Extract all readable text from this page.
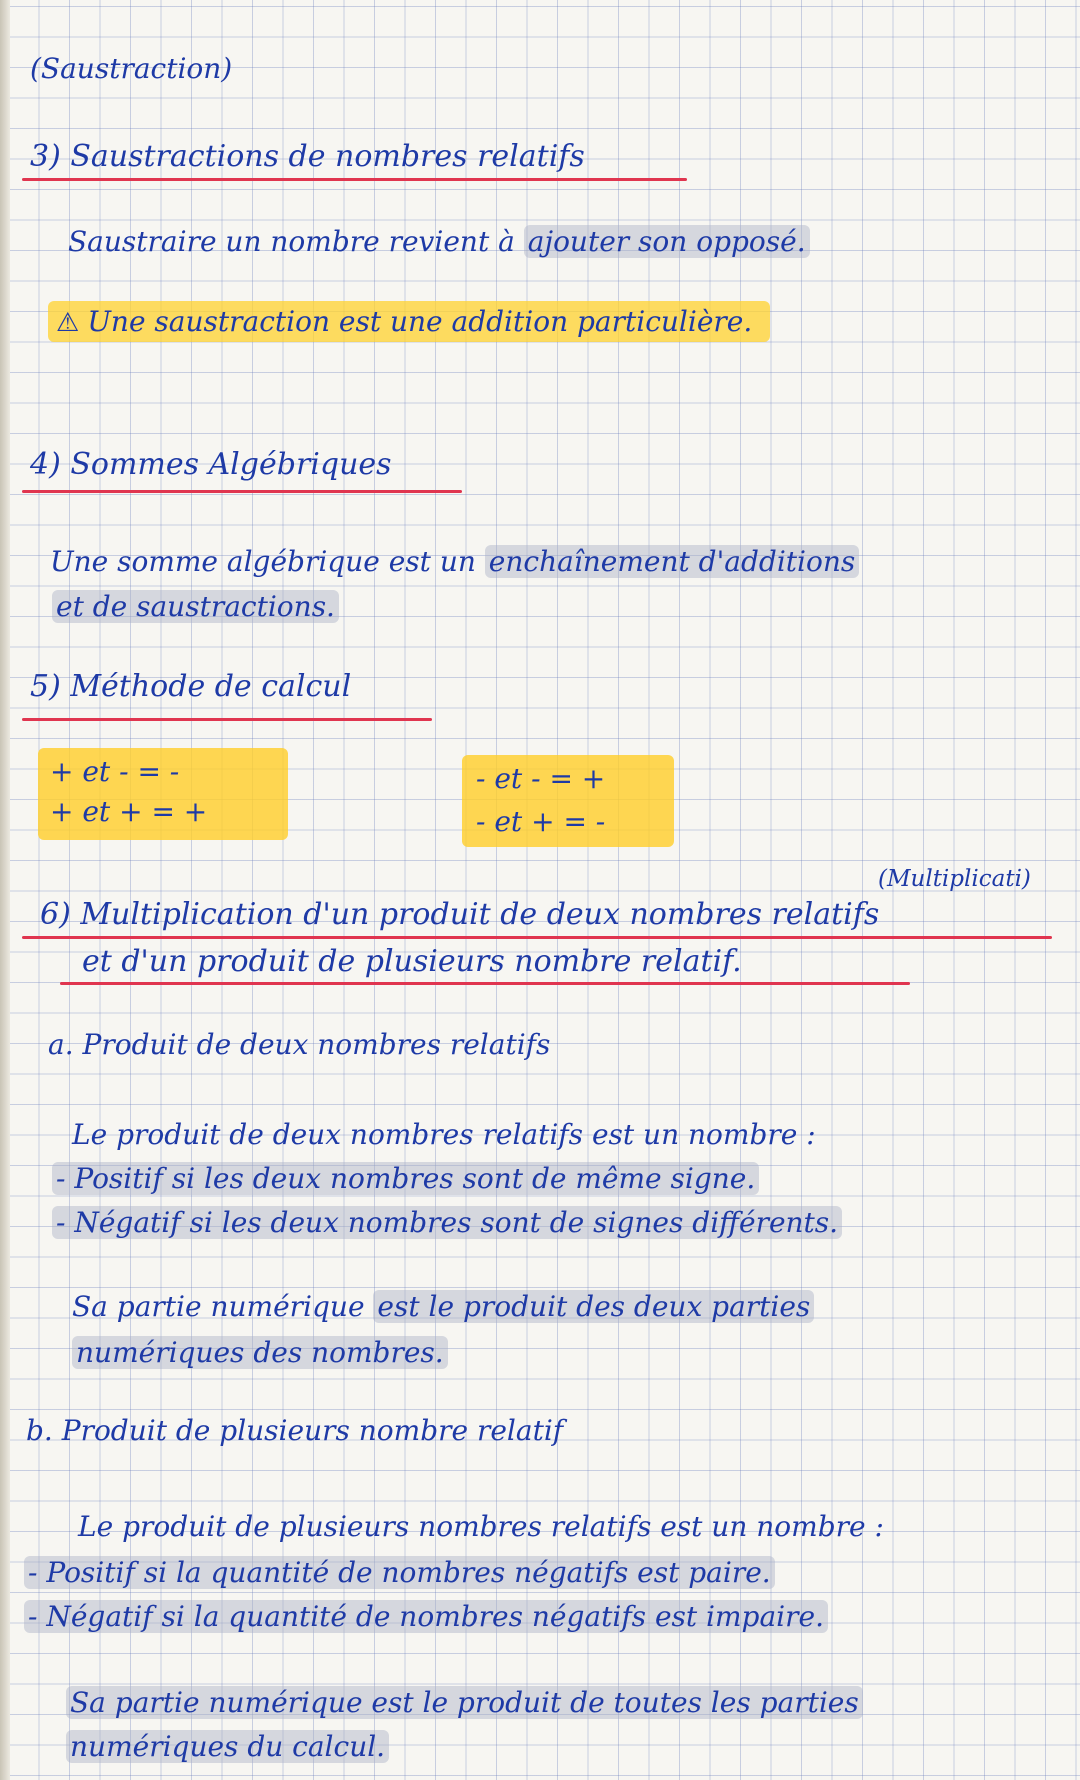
(Saustraction)
3) Saustractions de nombres relatifs
Saustraire un nombre revient à ajouter son opposé.
⚠ Une saustraction est une addition particulière.
4) Sommes Algébriques
Une somme algébrique est un enchaînement d'additions
et de saustractions.
5) Méthode de calcul
+ et - = -
+ et + = +
- et - = +
- et + = -
(Multiplicati)
6) Multiplication d'un produit de deux nombres relatifs
et d'un produit de plusieurs nombre relatif.
a. Produit de deux nombres relatifs
Le produit de deux nombres relatifs est un nombre :
- Positif si les deux nombres sont de même signe.
- Négatif si les deux nombres sont de signes différents.
Sa partie numérique est le produit des deux parties
numériques des nombres.
b. Produit de plusieurs nombre relatif
Le produit de plusieurs nombres relatifs est un nombre :
- Positif si la quantité de nombres négatifs est paire.
- Négatif si la quantité de nombres négatifs est impaire.
Sa partie numérique est le produit de toutes les parties
numériques du calcul.
